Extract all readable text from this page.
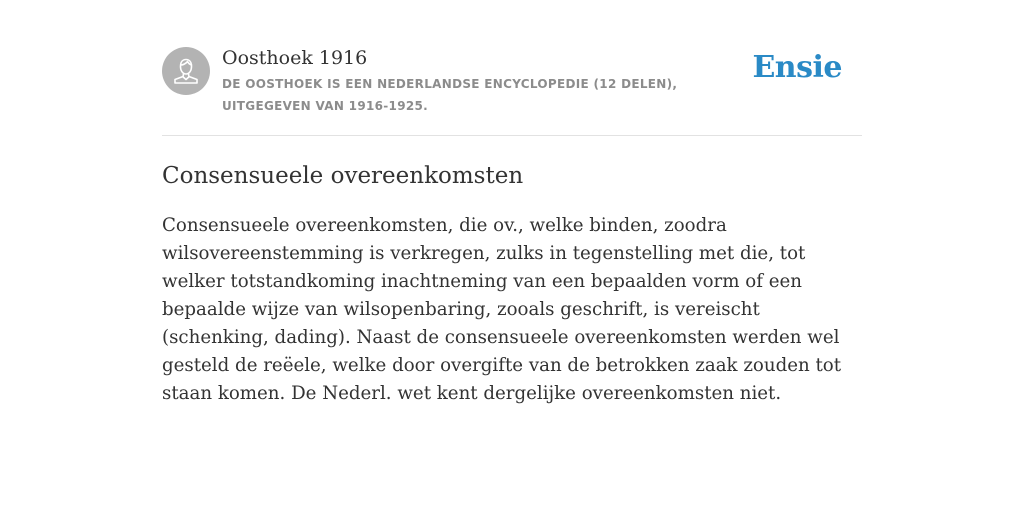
Oosthoek 1916
DE OOSTHOEK IS EEN NEDERLANDSE ENCYCLOPEDIE (12 DELEN), UITGEGEVEN VAN 1916-1925.
Ensie
Consensueele overeenkomsten

Consensueele overeenkomsten, die ov., welke binden, zoodra wilsovereenstemming is verkregen, zulks in tegenstelling met die, tot welker totstandkoming inachtneming van een bepaalden vorm of een bepaalde wijze van wilsopenbaring, zooals geschrift, is vereischt (schenking, dading). Naast de consensueele overeenkomsten werden wel gesteld de reëele, welke door overgifte van de betrokken zaak zouden tot staan komen. De Nederl. wet kent dergelijke overeenkomsten niet.
